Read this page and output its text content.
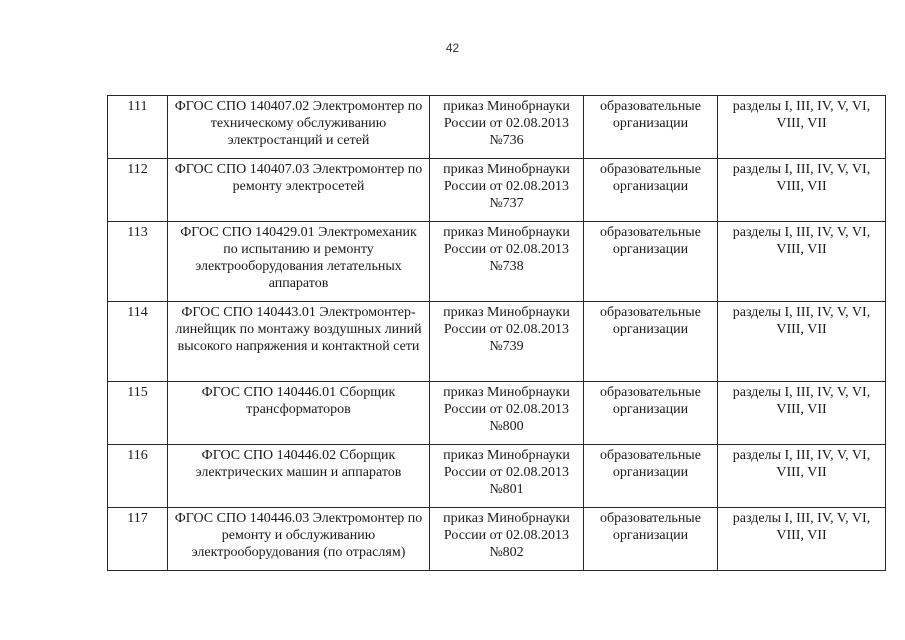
42
111	ФГОС СПО 140407.02 Электромонтер по техническому обслуживанию электростанций и сетей	приказ Минобрнауки России от 02.08.2013 №736	образовательные организации	разделы I, III, IV, V, VI, VIII, VII
112	ФГОС СПО 140407.03 Электромонтер по ремонту электросетей	приказ Минобрнауки России от 02.08.2013 №737	образовательные организации	разделы I, III, IV, V, VI, VIII, VII
113	ФГОС СПО 140429.01 Электромеханик по испытанию и ремонту электрооборудования летательных аппаратов	приказ Минобрнауки России от 02.08.2013 №738	образовательные организации	разделы I, III, IV, V, VI, VIII, VII
114	ФГОС СПО 140443.01 Электромонтер-линейщик по монтажу воздушных линий высокого напряжения и контактной сети	приказ Минобрнауки России от 02.08.2013 №739	образовательные организации	разделы I, III, IV, V, VI, VIII, VII
115	ФГОС СПО 140446.01 Сборщик трансформаторов	приказ Минобрнауки России от 02.08.2013 №800	образовательные организации	разделы I, III, IV, V, VI, VIII, VII
116	ФГОС СПО 140446.02 Сборщик электрических машин и аппаратов	приказ Минобрнауки России от 02.08.2013 №801	образовательные организации	разделы I, III, IV, V, VI, VIII, VII
117	ФГОС СПО 140446.03 Электромонтер по ремонту и обслуживанию электрооборудования (по отраслям)	приказ Минобрнауки России от 02.08.2013 №802	образовательные организации	разделы I, III, IV, V, VI, VIII, VII
